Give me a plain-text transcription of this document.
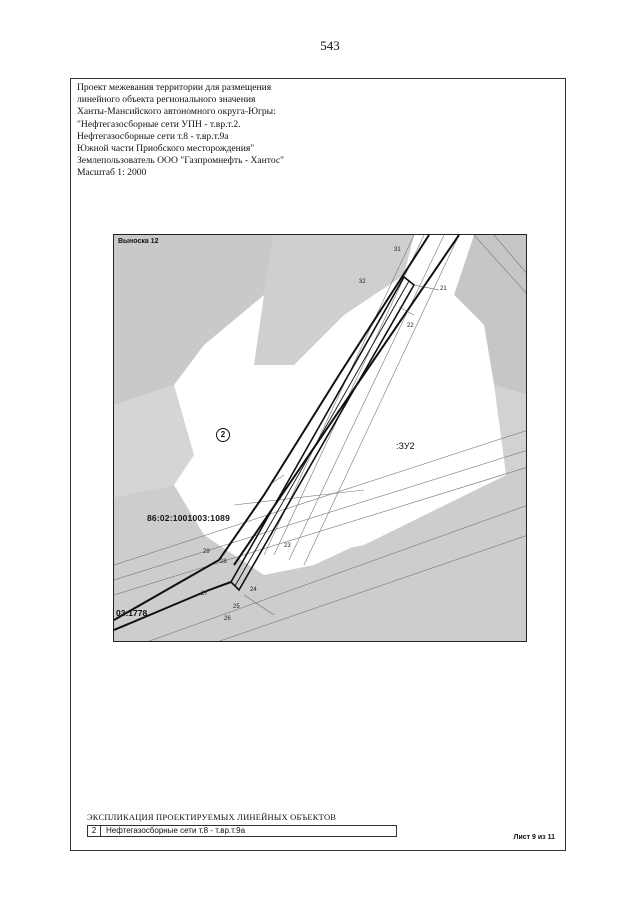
543
Проект межевания территории для размещения
линейного объекта регионального значения
Ханты-Мансийского автономного округа-Югры:
"Нефтегазосборные сети УПН - т.вр.т.2.
Нефтегазосборные сети т.8 - т.вр.т.9а
Южной части Приобского месторождения"
Землепользователь ООО "Газпромнефть - Хантос"
Масштаб 1: 2000
Выноска 12
2
86:02:1001003:1089
03:1778
:ЗУ2
31
32
21
22
23
24
25
26
27
28
29
ЭКСПЛИКАЦИЯ ПРОЕКТИРУЕМЫХ ЛИНЕЙНЫХ ОБЪЕКТОВ
2	Нефтегазосборные сети т.8 - т.вр.т.9а
Лист 9 из 11
